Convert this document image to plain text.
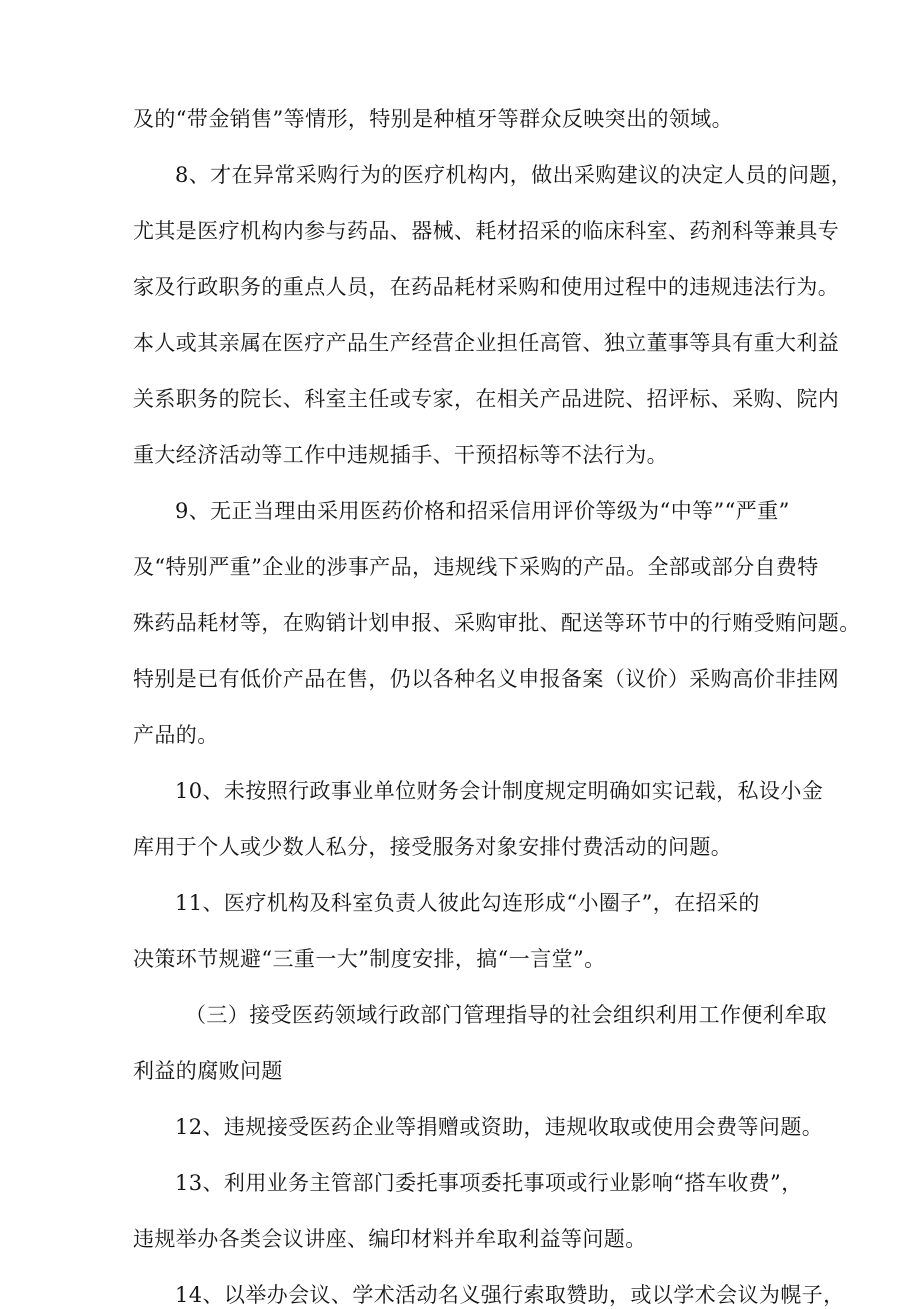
及的“带金销售”等情形，特别是种植牙等群众反映突出的领域。
8、才在异常采购行为的医疗机构内，做出采购建议的决定人员的问题，
尤其是医疗机构内参与药品、器械、耗材招采的临床科室、药剂科等兼具专
家及行政职务的重点人员，在药品耗材采购和使用过程中的违规违法行为。
本人或其亲属在医疗产品生产经营企业担任高管、独立董事等具有重大利益
关系职务的院长、科室主任或专家，在相关产品进院、招评标、采购、院内
重大经济活动等工作中违规插手、干预招标等不法行为。
9、无正当理由采用医药价格和招采信用评价等级为“中等”“严重”
及“特别严重”企业的涉事产品，违规线下采购的产品。全部或部分自费特
殊药品耗材等，在购销计划申报、采购审批、配送等环节中的行贿受贿问题。
特别是已有低价产品在售，仍以各种名义申报备案（议价）采购高价非挂网
产品的。
10、未按照行政事业单位财务会计制度规定明确如实记载，私设小金
库用于个人或少数人私分，接受服务对象安排付费活动的问题。
11、医疗机构及科室负责人彼此勾连形成“小圈子”，在招采的
决策环节规避“三重一大”制度安排，搞“一言堂”。
（三）接受医药领域行政部门管理指导的社会组织利用工作便利牟取
利益的腐败问题
12、违规接受医药企业等捐赠或资助，违规收取或使用会费等问题。
13、利用业务主管部门委托事项委托事项或行业影响“搭车收费”，
违规举办各类会议讲座、编印材料并牟取利益等问题。
14、以举办会议、学术活动名义强行索取赞助，或以学术会议为幌子，
